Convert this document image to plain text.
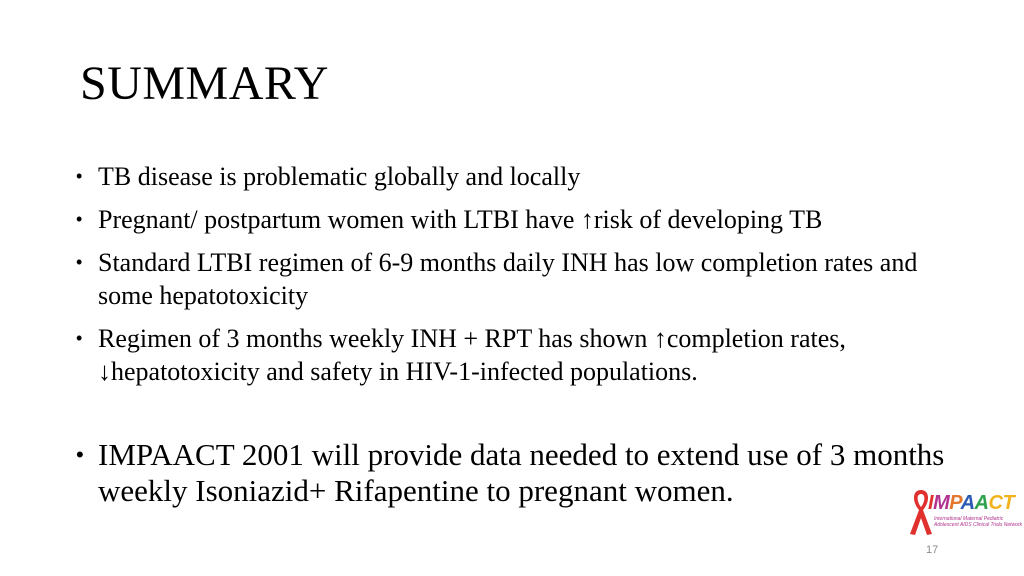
SUMMARY
• TB disease is problematic globally and locally
• Pregnant/ postpartum women with LTBI have ↑risk of developing TB
• Standard LTBI regimen of 6-9 months daily INH has low completion rates and some hepatotoxicity
• Regimen of 3 months weekly INH + RPT has shown ↑completion rates, ↓hepatotoxicity and safety in HIV-1-infected populations.
• IMPAACT 2001 will provide data needed to extend use of 3 months weekly Isoniazid+ Rifapentine to pregnant women.	IMPAACT
International Maternal Pediatric Adolescent AIDS Clinical Trials Network
17
